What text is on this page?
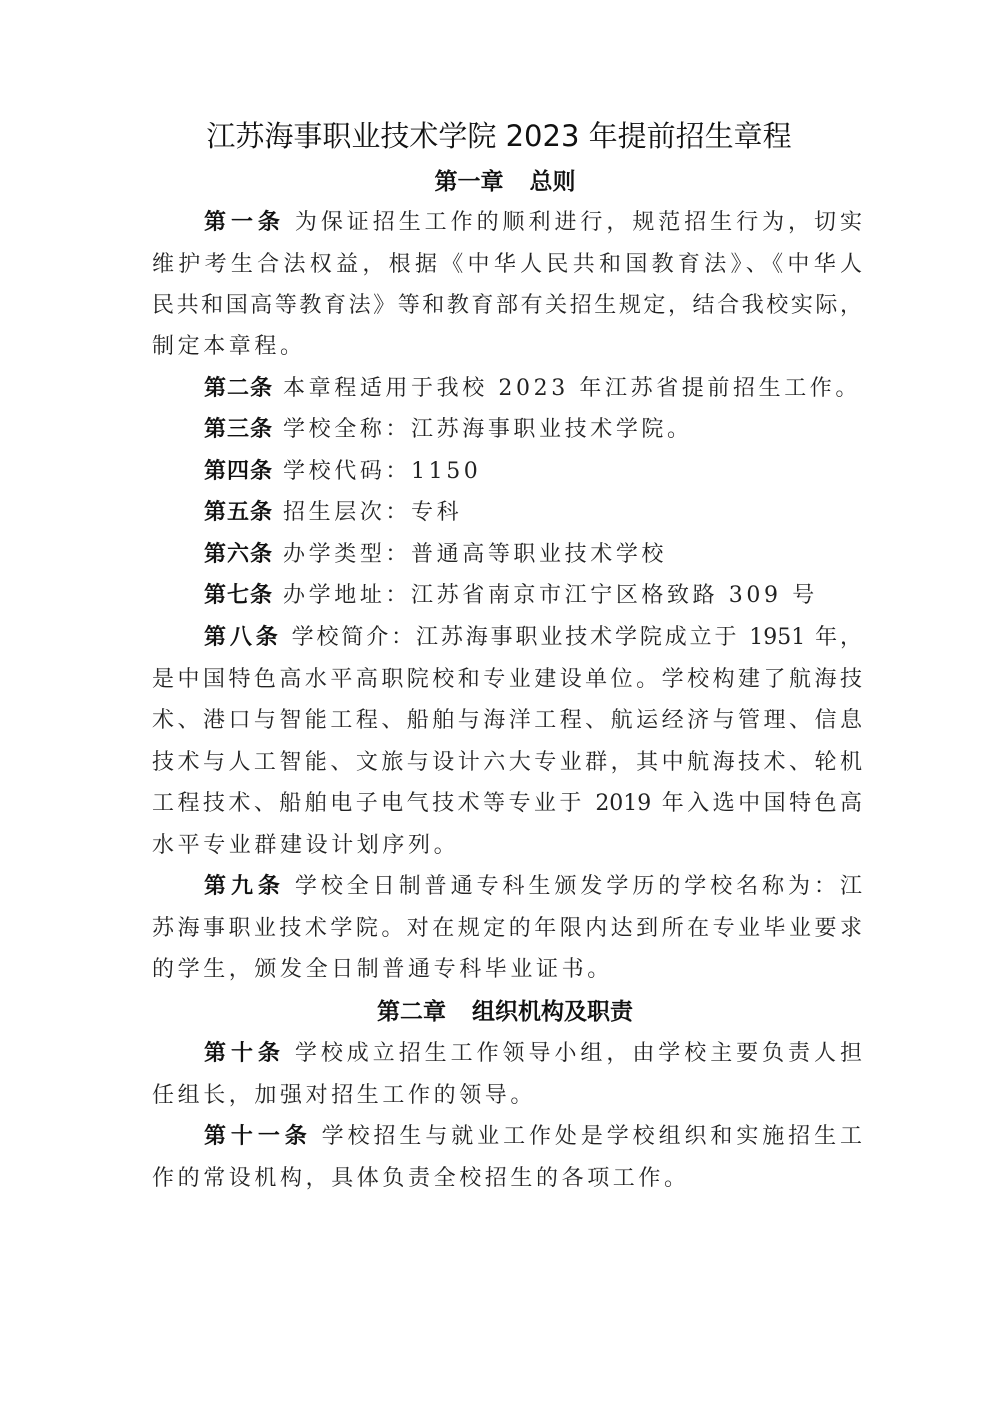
江苏海事职业技术学院 2023 年提前招生章程
第一章 总则
第一条 为保证招生工作的顺利进行，规范招生行为，切实
维护考生合法权益，根据《中华人民共和国教育法》、《中华人
民共和国高等教育法》等和教育部有关招生规定，结合我校实际，
制定本章程。
第二条 本章程适用于我校 2023 年江苏省提前招生工作。
第三条 学校全称：江苏海事职业技术学院。
第四条 学校代码：1150
第五条 招生层次：专科
第六条 办学类型：普通高等职业技术学校
第七条 办学地址：江苏省南京市江宁区格致路 309 号
第八条 学校简介：江苏海事职业技术学院成立于 1951 年，
是中国特色高水平高职院校和专业建设单位。学校构建了航海技
术、港口与智能工程、船舶与海洋工程、航运经济与管理、信息
技术与人工智能、文旅与设计六大专业群，其中航海技术、轮机
工程技术、船舶电子电气技术等专业于 2019 年入选中国特色高
水平专业群建设计划序列。
第九条 学校全日制普通专科生颁发学历的学校名称为：江
苏海事职业技术学院。对在规定的年限内达到所在专业毕业要求
的学生，颁发全日制普通专科毕业证书。
第二章 组织机构及职责
第十条 学校成立招生工作领导小组，由学校主要负责人担
任组长，加强对招生工作的领导。
第十一条 学校招生与就业工作处是学校组织和实施招生工
作的常设机构，具体负责全校招生的各项工作。
